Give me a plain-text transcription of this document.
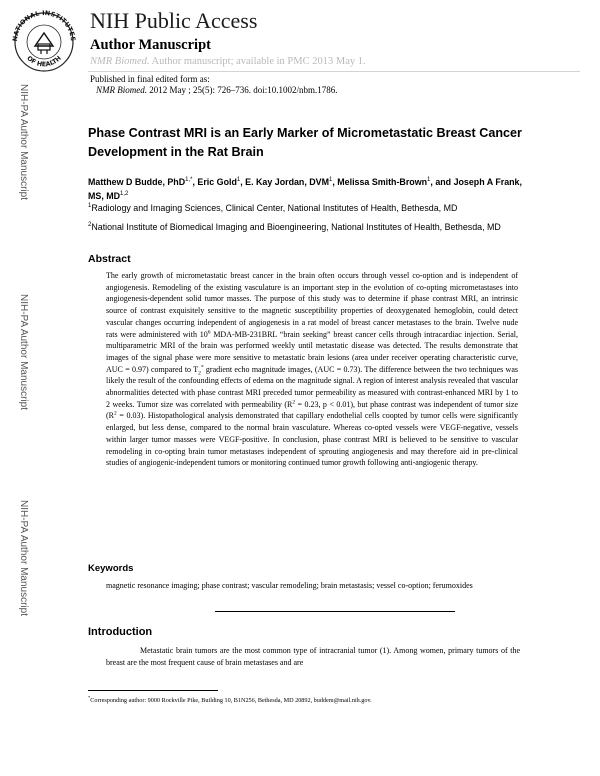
NATIONAL INSTITUTES
OF HEALTH
NIH Public Access
Author Manuscript
NMR Biomed. Author manuscript; available in PMC 2013 May 1.
Published in final edited form as:
NMR Biomed. 2012 May ; 25(5): 726–736. doi:10.1002/nbm.1786.
NIH-PA Author Manuscript
NIH-PA Author Manuscript
NIH-PA Author Manuscript
Phase Contrast MRI is an Early Marker of Micrometastatic Breast Cancer Development in the Rat Brain
Matthew D Budde, PhD$^{1,*}$, Eric Gold$^1$, E. Kay Jordan, DVM$^1$, Melissa Smith-Brown$^1$, and Joseph A Frank, MS, MD$^{1,2}$
$^1$Radiology and Imaging Sciences, Clinical Center, National Institutes of Health, Bethesda, MD
$^2$National Institute of Biomedical Imaging and Bioengineering, National Institutes of Health, Bethesda, MD
Abstract
The early growth of micrometastatic breast cancer in the brain often occurs through vessel co-option and is independent of angiogenesis. Remodeling of the existing vasculature is an important step in the evolution of co-opting micrometastases into angiogenesis-dependent solid tumor masses. The purpose of this study was to determine if phase contrast MRI, an intrinsic source of contrast exquisitely sensitive to the magnetic susceptibility properties of deoxygenated hemoglobin, could detect vascular changes occurring independent of angiogenesis in a rat model of breast cancer metastases to the brain. Twelve nude rats were administered with $10^6$ MDA-MB-231BRL “brain seeking” breast cancer cells through intracardiac injection. Serial, multiparametric MRI of the brain was performed weekly until metastatic disease was detected. The results demonstrate that images of the signal phase were more sensitive to metastatic brain lesions (area under receiver operating characteristic curve, AUC = 0.97) compared to $T_2^*$ gradient echo magnitude images, (AUC = 0.73). The difference between the two techniques was likely the result of the confounding effects of edema on the magnitude signal. A region of interest analysis revealed that vascular abnormalities detected with phase contrast MRI preceded tumor permeability as measured with contrast-enhanced MRI by 1 to 2 weeks. Tumor size was correlated with permeability ($R^2 = 0.23$, p < 0.01), but phase contrast was independent of tumor size $(R^2 = 0.03)$. Histopathological analysis demonstrated that capillary endothelial cells coopted by tumor cells were significantly enlarged, but less dense, compared to the normal brain vasculature. Whereas co-opted vessels were VEGF-negative, vessels within larger tumor masses were VEGF-positive. In conclusion, phase contrast MRI is believed to be sensitive to vascular remodeling in co-opting brain tumor metastases independent of sprouting angiogenesis and may therefore aid in pre-clinical studies of angiogenic-independent tumors or monitoring continued tumor growth following anti-angiogenic therapy.
Keywords
magnetic resonance imaging; phase contrast; vascular remodeling; brain metastasis; vessel co-option; ferumoxides
Introduction
Metastatic brain tumors are the most common type of intracranial tumor (1). Among women, primary tumors of the breast are the most frequent cause of brain metastases and are
*Corresponding author: 9000 Rockville Pike, Building 10, B1N256, Bethesda, MD 20892, buddem@mail.nih.gov.
